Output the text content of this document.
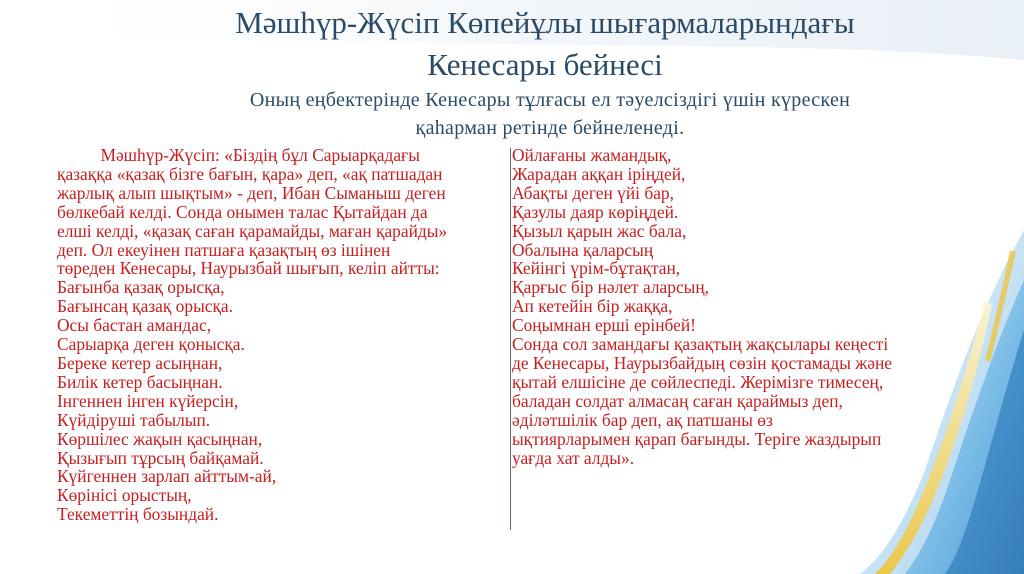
Мәшһүр-Жүсіп Көпейұлы шығармаларындағы
Кенесары бейнесі
Оның еңбектерінде Кенесары тұлғасы ел тәуелсіздігі үшін күрескен
қаһарман ретінде бейнеленеді.
Мәшһүр-Жүсіп: «Біздің бұл Сарыарқадағы
қазаққа «қазақ бізге бағын, қара» деп, «ақ патшадан
жарлық алып шықтым» - деп, Ибан Сыманыш деген
бөлкебай келді. Сонда онымен талас Қытайдан да
елші келді, «қазақ саған қарамайды, маған қарайды»
деп. Ол екеуінен патшаға қазақтың өз ішінен
төреден Кенесары, Наурызбай шығып, келіп айтты:
Бағынба қазақ орысқа,
Бағынсаң қазақ орысқа.
Осы бастан амандас,
Сарыарқа деген қонысқа.
Береке кетер асыңнан,
Билік кетер басыңнан.
Інгеннен інген күйерсін,
Күйдіруші табылып.
Көршілес жақын қасыңнан,
Қызығып тұрсың байқамай.
Күйгеннен зарлап айттым-ай,
Көрінісі орыстың,
Текеметтің бозындай.
Ойлағаны жамандық,
Жарадан аққан іріңдей,
Абақты деген үйі бар,
Қазулы даяр көріңдей.
Қызыл қарын жас бала,
Обалына қаларсың
Кейінгі үрім-бұтақтан,
Қарғыс бір нәлет аларсың,
Ап кетейін бір жаққа,
Соңымнан ерші ерінбей!
Сонда сол замандағы қазақтың жақсылары кеңесті
де Кенесары, Наурызбайдың сөзін қостамады және
қытай елшісіне де сөйлеспеді. Жерімізге тимесең,
баладан солдат алмасаң саған қараймыз деп,
әділәтшілік бар деп, ақ патшаны өз
ықтиярларымен қарап бағынды. Теріге жаздырып
уағда хат алды».
